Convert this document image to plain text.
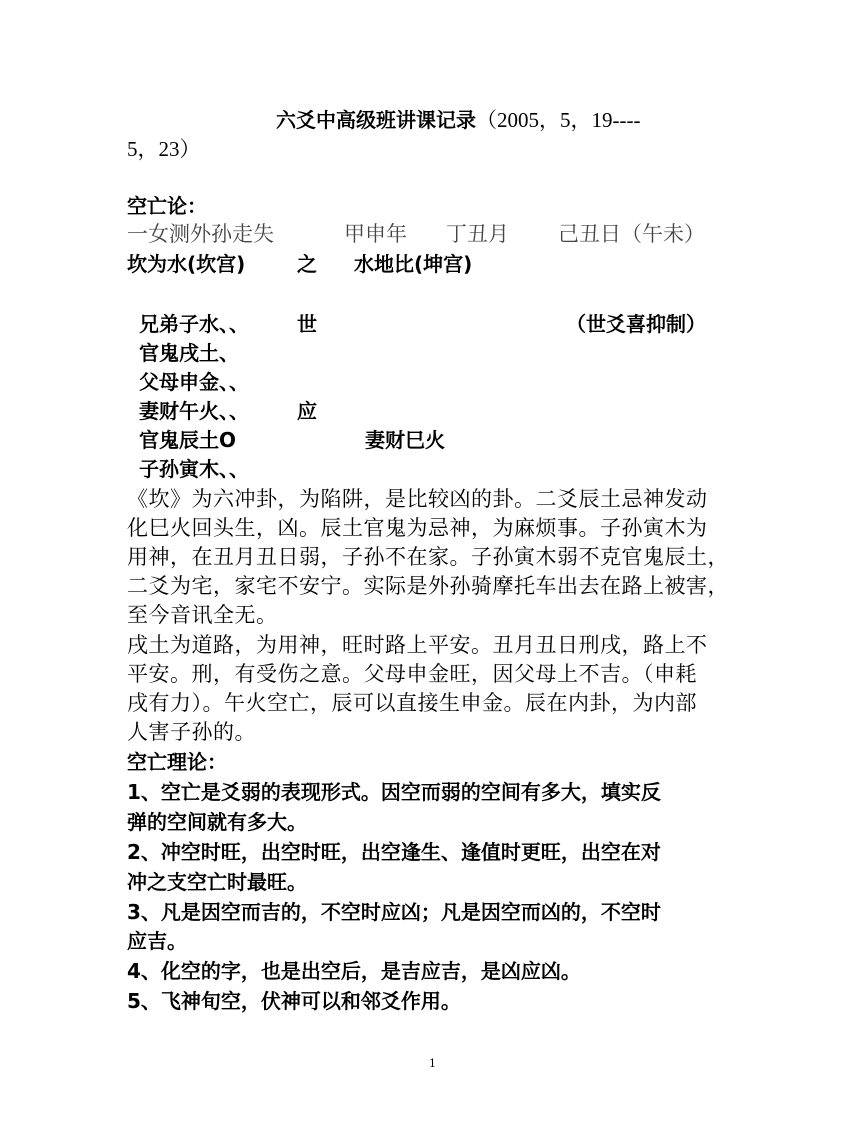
六爻中高级班讲课记录（2005，5，19----
5，23）
空亡论：
一女测外孙走失	甲申年 丁丑月 己丑日（午未）
坎为水(坎宫)	之 水地比(坤宫)
兄弟子水、、 世	（世爻喜抑制）
官鬼戌土、
父母申金、、
妻财午火、、 应
官鬼辰土O	妻财巳火
子孙寅木、、
《坎》为六冲卦，为陷阱，是比较凶的卦。二爻辰土忌神发动
化巳火回头生，凶。辰土官鬼为忌神，为麻烦事。子孙寅木为
用神，在丑月丑日弱，子孙不在家。子孙寅木弱不克官鬼辰土，
二爻为宅，家宅不安宁。实际是外孙骑摩托车出去在路上被害，
至今音讯全无。
戌土为道路，为用神，旺时路上平安。丑月丑日刑戌，路上不
平安。刑，有受伤之意。父母申金旺，因父母上不吉。（申耗
戌有力）。午火空亡，辰可以直接生申金。辰在内卦，为内部
人害子孙的。
空亡理论：
1、空亡是爻弱的表现形式。因空而弱的空间有多大，填实反
弹的空间就有多大。
2、冲空时旺，出空时旺，出空逢生、逢值时更旺，出空在对
冲之支空亡时最旺。
3、凡是因空而吉的，不空时应凶；凡是因空而凶的，不空时
应吉。
4、化空的字，也是出空后，是吉应吉，是凶应凶。
5、飞神旬空，伏神可以和邻爻作用。
1
